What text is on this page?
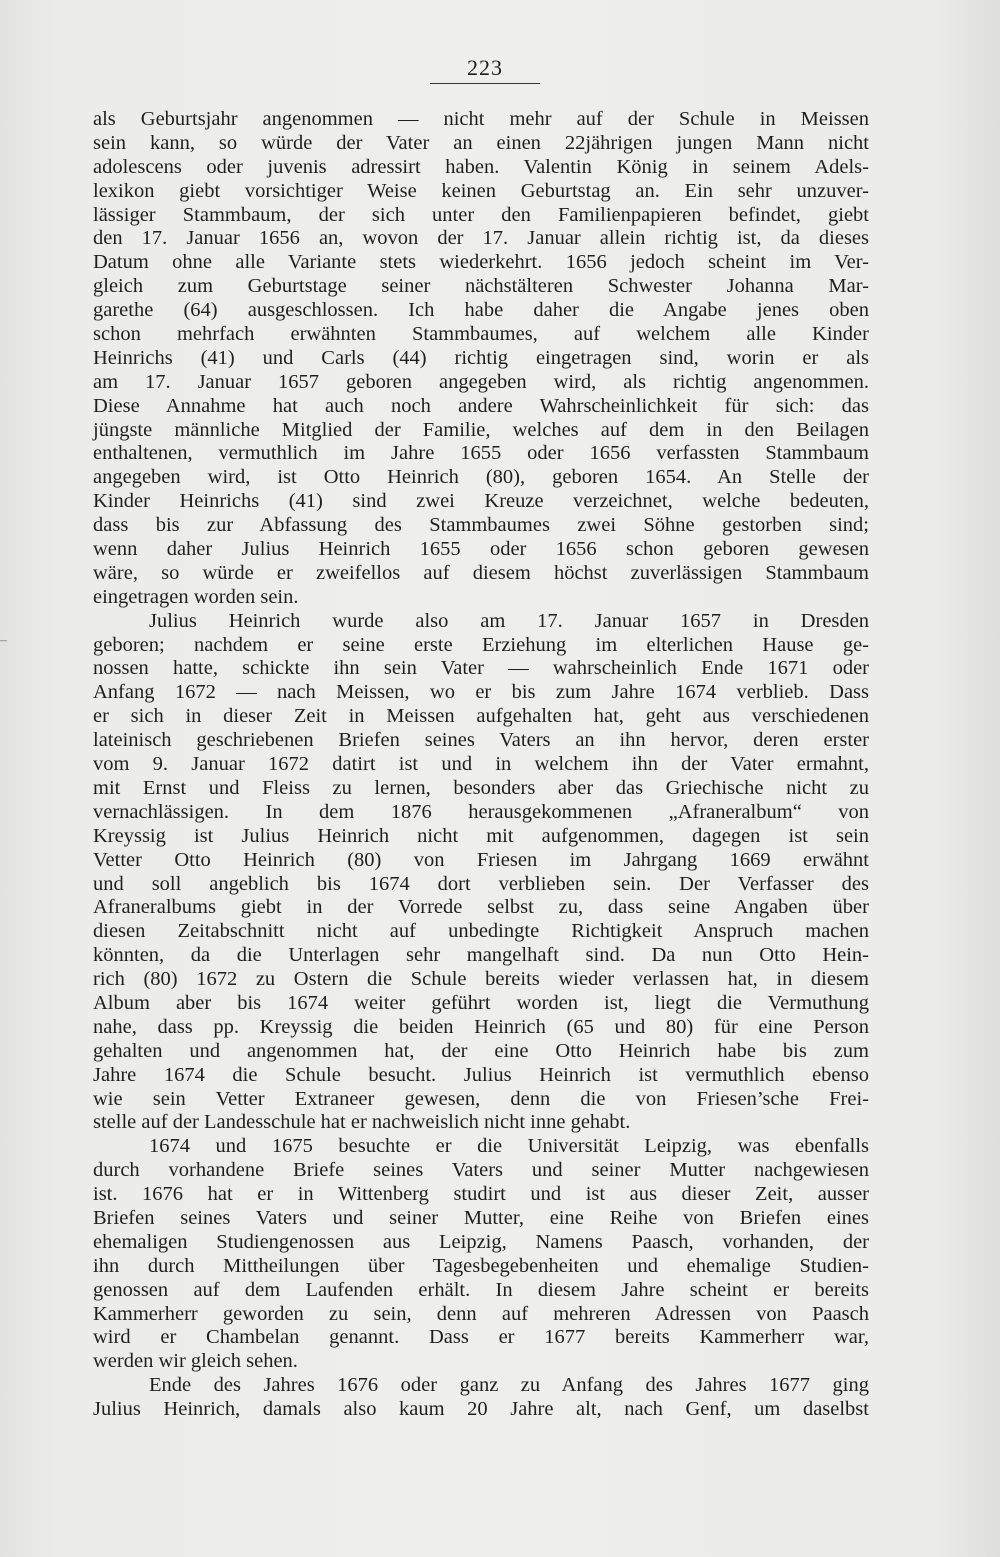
223
–
als Geburtsjahr angenommen — nicht mehr auf der Schule in Meissen
sein kann, so würde der Vater an einen 22jährigen jungen Mann nicht
adolescens oder juvenis adressirt haben. Valentin König in seinem Adels-
lexikon giebt vorsichtiger Weise keinen Geburtstag an. Ein sehr unzuver-
lässiger Stammbaum, der sich unter den Familienpapieren befindet, giebt
den 17. Januar 1656 an, wovon der 17. Januar allein richtig ist, da dieses
Datum ohne alle Variante stets wiederkehrt. 1656 jedoch scheint im Ver-
gleich zum Geburtstage seiner nächstälteren Schwester Johanna Mar-
garethe (64) ausgeschlossen. Ich habe daher die Angabe jenes oben
schon mehrfach erwähnten Stammbaumes, auf welchem alle Kinder
Heinrichs (41) und Carls (44) richtig eingetragen sind, worin er als
am 17. Januar 1657 geboren angegeben wird, als richtig angenommen.
Diese Annahme hat auch noch andere Wahrscheinlichkeit für sich: das
jüngste männliche Mitglied der Familie, welches auf dem in den Beilagen
enthaltenen, vermuthlich im Jahre 1655 oder 1656 verfassten Stammbaum
angegeben wird, ist Otto Heinrich (80), geboren 1654. An Stelle der
Kinder Heinrichs (41) sind zwei Kreuze verzeichnet, welche bedeuten,
dass bis zur Abfassung des Stammbaumes zwei Söhne gestorben sind;
wenn daher Julius Heinrich 1655 oder 1656 schon geboren gewesen
wäre, so würde er zweifellos auf diesem höchst zuverlässigen Stammbaum
eingetragen worden sein.
Julius Heinrich wurde also am 17. Januar 1657 in Dresden
geboren; nachdem er seine erste Erziehung im elterlichen Hause ge-
nossen hatte, schickte ihn sein Vater — wahrscheinlich Ende 1671 oder
Anfang 1672 — nach Meissen, wo er bis zum Jahre 1674 verblieb. Dass
er sich in dieser Zeit in Meissen aufgehalten hat, geht aus verschiedenen
lateinisch geschriebenen Briefen seines Vaters an ihn hervor, deren erster
vom 9. Januar 1672 datirt ist und in welchem ihn der Vater ermahnt,
mit Ernst und Fleiss zu lernen, besonders aber das Griechische nicht zu
vernachlässigen. In dem 1876 herausgekommenen „Afraneralbum“ von
Kreyssig ist Julius Heinrich nicht mit aufgenommen, dagegen ist sein
Vetter Otto Heinrich (80) von Friesen im Jahrgang 1669 erwähnt
und soll angeblich bis 1674 dort verblieben sein. Der Verfasser des
Afraneralbums giebt in der Vorrede selbst zu, dass seine Angaben über
diesen Zeitabschnitt nicht auf unbedingte Richtigkeit Anspruch machen
könnten, da die Unterlagen sehr mangelhaft sind. Da nun Otto Hein-
rich (80) 1672 zu Ostern die Schule bereits wieder verlassen hat, in diesem
Album aber bis 1674 weiter geführt worden ist, liegt die Vermuthung
nahe, dass pp. Kreyssig die beiden Heinrich (65 und 80) für eine Person
gehalten und angenommen hat, der eine Otto Heinrich habe bis zum
Jahre 1674 die Schule besucht. Julius Heinrich ist vermuthlich ebenso
wie sein Vetter Extraneer gewesen, denn die von Friesen’sche Frei-
stelle auf der Landesschule hat er nachweislich nicht inne gehabt.
1674 und 1675 besuchte er die Universität Leipzig, was ebenfalls
durch vorhandene Briefe seines Vaters und seiner Mutter nachgewiesen
ist. 1676 hat er in Wittenberg studirt und ist aus dieser Zeit, ausser
Briefen seines Vaters und seiner Mutter, eine Reihe von Briefen eines
ehemaligen Studiengenossen aus Leipzig, Namens Paasch, vorhanden, der
ihn durch Mittheilungen über Tagesbegebenheiten und ehemalige Studien-
genossen auf dem Laufenden erhält. In diesem Jahre scheint er bereits
Kammerherr geworden zu sein, denn auf mehreren Adressen von Paasch
wird er Chambelan genannt. Dass er 1677 bereits Kammerherr war,
werden wir gleich sehen.
Ende des Jahres 1676 oder ganz zu Anfang des Jahres 1677 ging
Julius Heinrich, damals also kaum 20 Jahre alt, nach Genf, um daselbst
